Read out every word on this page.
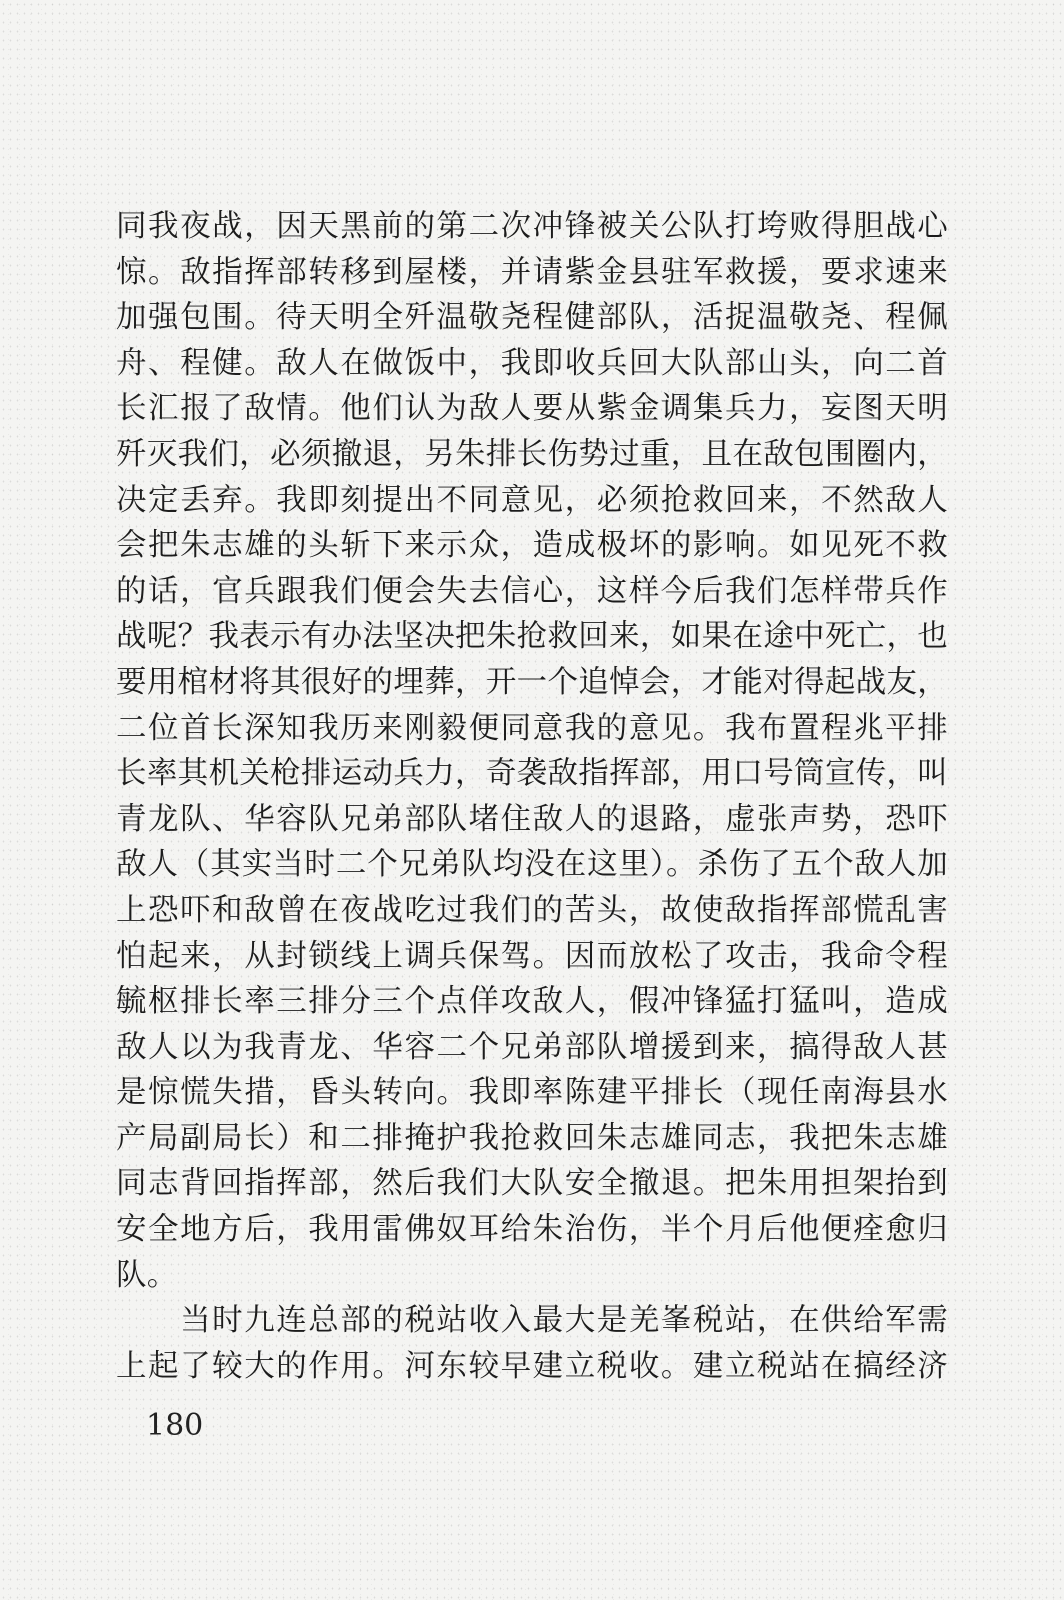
同我夜战，因天黑前的第二次冲锋被关公队打垮败得胆战心
惊。敌指挥部转移到屋楼，并请紫金县驻军救援，要求速来
加强包围。待天明全歼温敬尧程健部队，活捉温敬尧、程佩
舟、程健。敌人在做饭中，我即收兵回大队部山头，向二首
长汇报了敌情。他们认为敌人要从紫金调集兵力，妄图天明
歼灭我们，必须撤退，另朱排长伤势过重，且在敌包围圈内，
决定丢弃。我即刻提出不同意见，必须抢救回来，不然敌人
会把朱志雄的头斩下来示众，造成极坏的影响。如见死不救
的话，官兵跟我们便会失去信心，这样今后我们怎样带兵作
战呢？我表示有办法坚决把朱抢救回来，如果在途中死亡，也
要用棺材将其很好的埋葬，开一个追悼会，才能对得起战友，
二位首长深知我历来刚毅便同意我的意见。我布置程兆平排
长率其机关枪排运动兵力，奇袭敌指挥部，用口号筒宣传，叫
青龙队、华容队兄弟部队堵住敌人的退路，虚张声势，恐吓
敌人（其实当时二个兄弟队均没在这里）。杀伤了五个敌人加
上恐吓和敌曾在夜战吃过我们的苦头，故使敌指挥部慌乱害
怕起来，从封锁线上调兵保驾。因而放松了攻击，我命令程
毓枢排长率三排分三个点佯攻敌人，假冲锋猛打猛叫，造成
敌人以为我青龙、华容二个兄弟部队增援到来，搞得敌人甚
是惊慌失措，昏头转向。我即率陈建平排长（现任南海县水
产局副局长）和二排掩护我抢救回朱志雄同志，我把朱志雄
同志背回指挥部，然后我们大队安全撤退。把朱用担架抬到
安全地方后，我用雷佛奴耳给朱治伤，半个月后他便痊愈归
队。
　　当时九连总部的税站收入最大是羌峯税站，在供给军需
上起了较大的作用。河东较早建立税收。建立税站在搞经济
180
